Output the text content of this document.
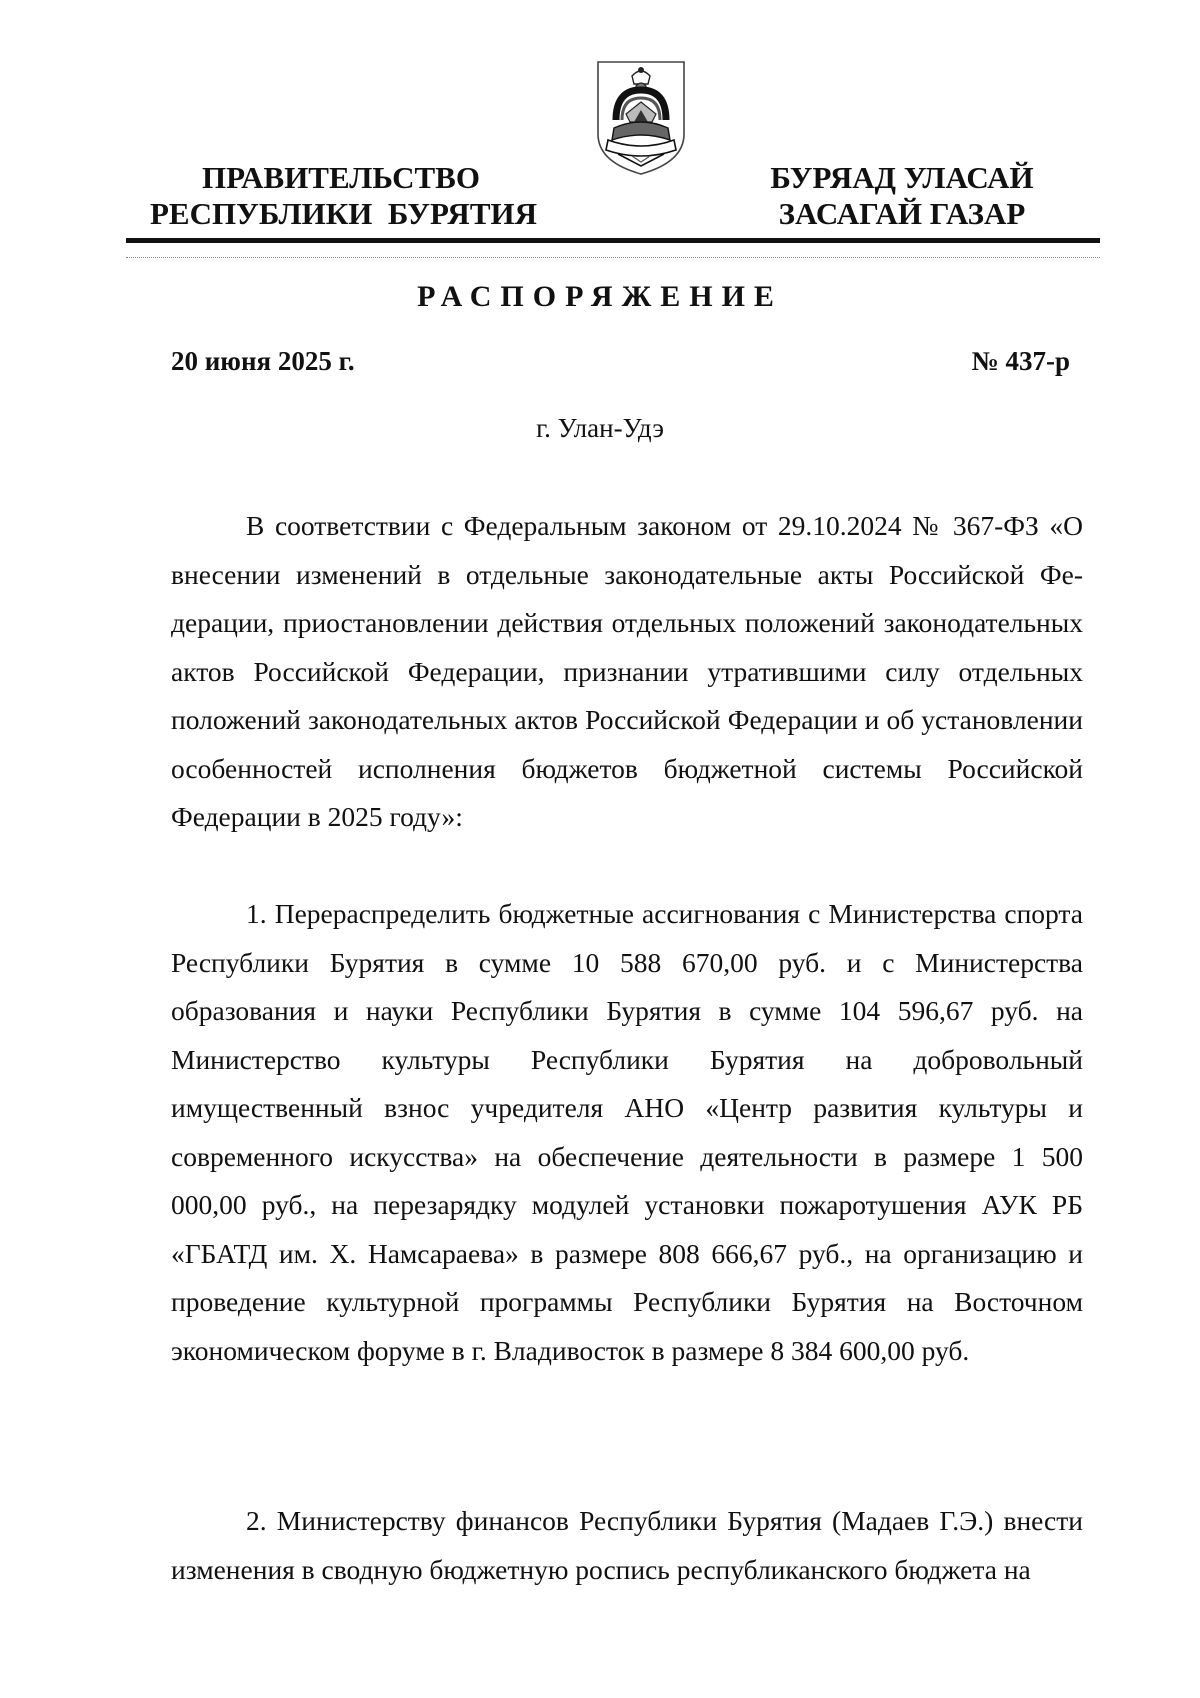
ПРАВИТЕЛЬСТВО
РЕСПУБЛИКИ  БУРЯТИЯ
БУРЯАД УЛАСАЙ
ЗАСАГАЙ ГАЗАР
РАСПОРЯЖЕНИЕ
20 июня 2025 г.	№ 437-р
г. Улан-Удэ

В соответствии с Федеральным законом от 29.10.2024 № 367-ФЗ «О внесении изменений в отдельные законодательные акты Российской Федерации, приостановлении действия отдельных положений законодательных актов Российской Федерации, признании утратившими силу отдельных положений законодательных актов Российской Федерации и об установлении особенностей исполнения бюджетов бюджетной системы Российской Федерации в 2025 году»:

1. Перераспределить бюджетные ассигнования с Министерства спорта Республики Бурятия в сумме 10 588 670,00 руб. и с Министерства образования и науки Республики Бурятия в сумме 104 596,67 руб. на Министерство культуры Республики Бурятия на добровольный имущественный взнос учредителя АНО «Центр развития культуры и современного искусства» на обеспечение деятельности в размере 1 500 000,00 руб., на перезарядку модулей установки пожаротушения АУК РБ «ГБАТД им. Х. Намсараева» в размере 808 666,67 руб., на организацию и проведение культурной программы Республики Бурятия на Восточном экономическом форуме в г. Владивосток в размере 8 384 600,00 руб.

2. Министерству финансов Республики Бурятия (Мадаев Г.Э.) внести изменения в сводную бюджетную роспись республиканского бюджета на
